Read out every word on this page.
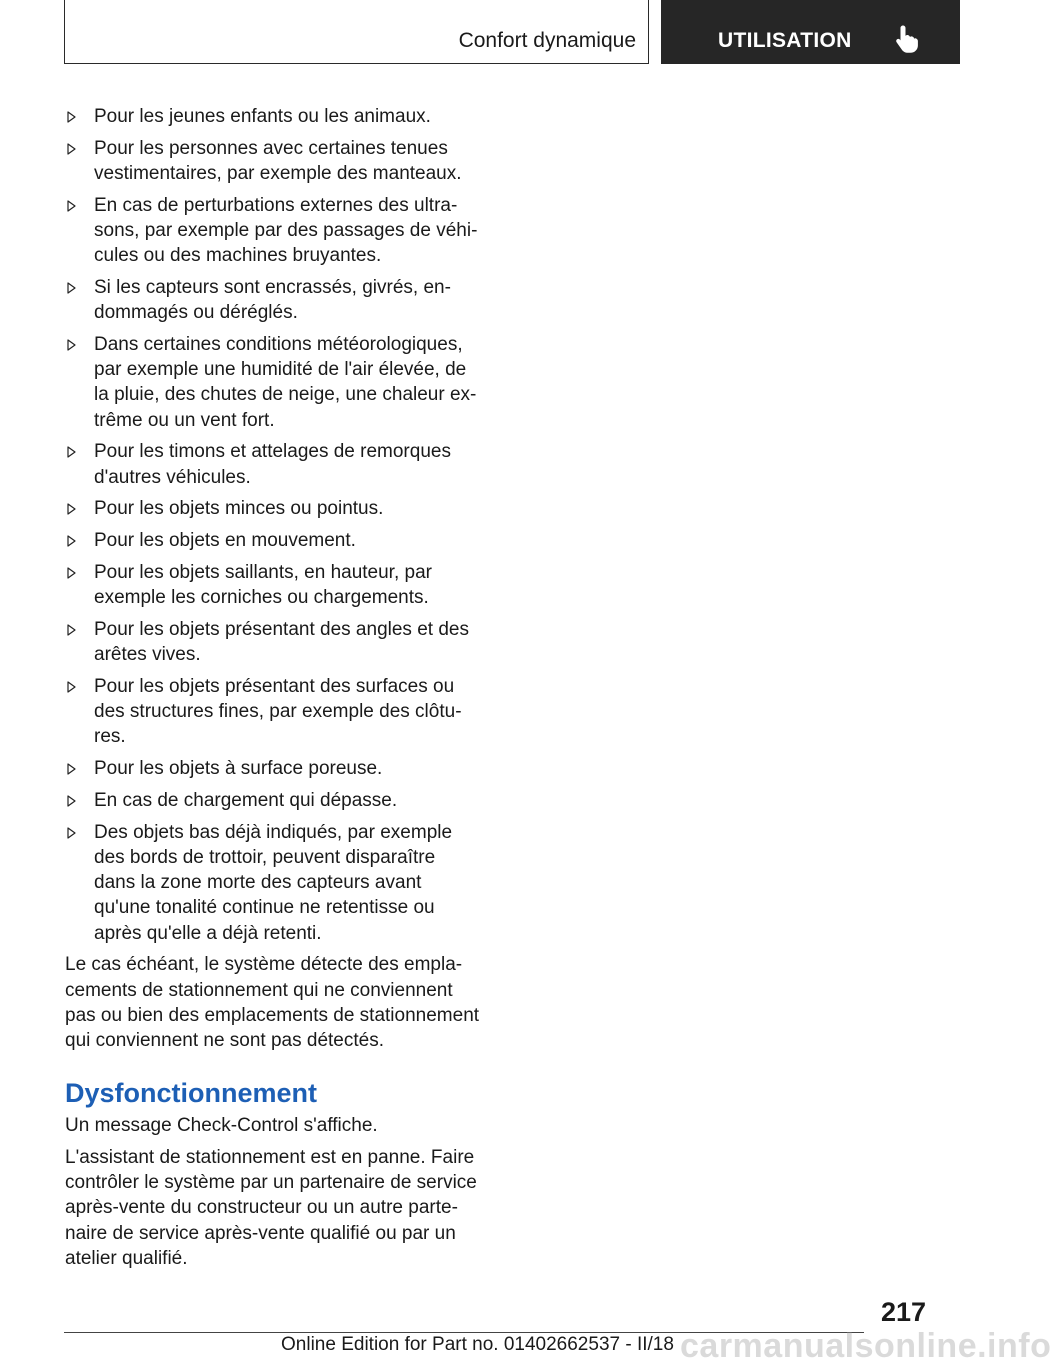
Confort dynamique	UTILISATION
Pour les jeunes enfants ou les animaux.
Pour les personnes avec certaines tenues vestimentaires, par exemple des manteaux.
En cas de perturbations externes des ultrasons, par exemple par des passages de véhicules ou des machines bruyantes.
Si les capteurs sont encrassés, givrés, endommagés ou déréglés.
Dans certaines conditions météorologiques, par exemple une humidité de l'air élevée, de la pluie, des chutes de neige, une chaleur extrême ou un vent fort.
Pour les timons et attelages de remorques d'autres véhicules.
Pour les objets minces ou pointus.
Pour les objets en mouvement.
Pour les objets saillants, en hauteur, par exemple les corniches ou chargements.
Pour les objets présentant des angles et des arêtes vives.
Pour les objets présentant des surfaces ou des structures fines, par exemple des clôtures.
Pour les objets à surface poreuse.
En cas de chargement qui dépasse.
Des objets bas déjà indiqués, par exemple des bords de trottoir, peuvent disparaître dans la zone morte des capteurs avant qu'une tonalité continue ne retentisse ou après qu'elle a déjà retenti.

Le cas échéant, le système détecte des emplacements de stationnement qui ne conviennent pas ou bien des emplacements de stationnement qui conviennent ne sont pas détectés.

Dysfonctionnement

Un message Check-Control s'affiche.

L'assistant de stationnement est en panne. Faire contrôler le système par un partenaire de service après-vente du constructeur ou un autre partenaire de service après-vente qualifié ou par un atelier qualifié.

217
Online Edition for Part no. 01402662537 - II/18 carmanualsonline.info
